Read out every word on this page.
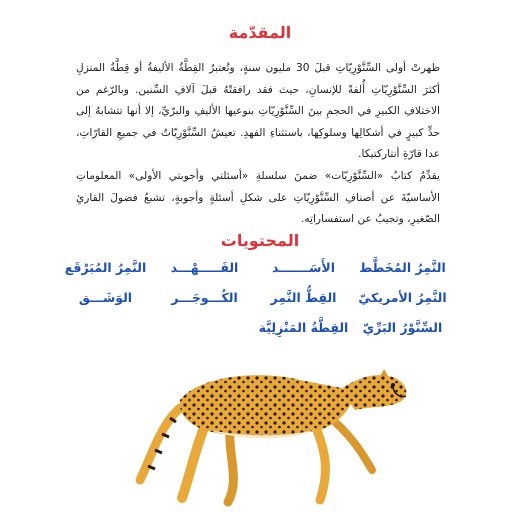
المقدّمة

ظهرتْ أولى السِّنَّوْرِيّاتِ قبلَ 30 مليون سنةٍ، وتُعتبرُ القِطَّةُ الأليفةُ أو قِطَّةُ المنزلِ أكثرَ السِّنَّوْرِيّاتِ أُلفةً للإنسانِ، حيث فقد رافقتْهُ قبلَ آلافِ السِّنين. وبالرّغم من الاختلافِ الكبيرِ في الحجمِ بينَ السِّنَّوْرِيّاتِ بنوعيها الأليفِ والبرّيِّ، إلا أنها تتشابهُ إلى حدٍّ كبيرٍ في أشكالِها وسلوكِها، باستثناءِ الفهدِ. تعيشُ السِّنَّوْرِيّاتُ في جميعِ القارّاتِ، عدا قارّةِ أنتاركتيكا.

يقدِّمُ كتابُ «السِّنَّوْرِيّات» ضمنَ سلسلةِ «أسئلتي وأجوبتي الأولى» المعلوماتِ الأساسيّةَ عن أصنافِ السِّنَّوْرِيّاتِ على شكلِ أسئلةٍ وأجوبةٍ، تشبعُ فضولَ القارئِ الصّغيرِ، وتجيبُ عن استفساراتِه.

المحتويات
النَّمِرُ المُخَطَّط
الأَسَـــــــد
الفَـــــهْـــد
النَّمِرُ المُبَرْقَع
النَّمِرُ الأمريكيّ
القِطُّ النَّمِر
الكُـــوجَـــر
الوَشَـــق
السِّنَّوْرُ البَرِّيّ
القِطَّةُ المَنْزِلِيَّة
